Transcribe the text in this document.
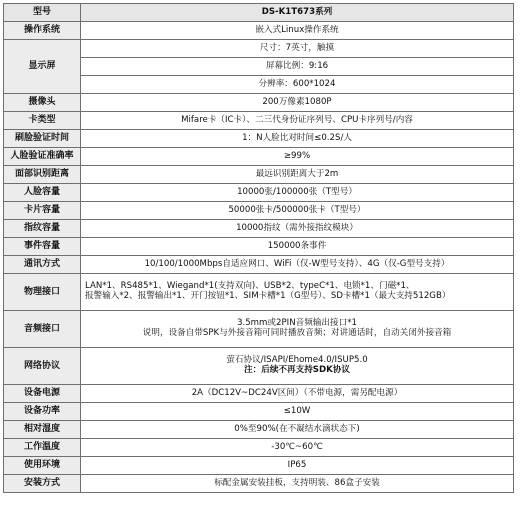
型号	DS-K1T673系列
操作系统	嵌入式Linux操作系统
显示屏	尺寸：7英寸，触摸
	屏幕比例：9:16
	分辨率：600*1024
摄像头	200万像素1080P
卡类型	Mifare卡（IC卡）、二三代身份证序列号、CPU卡序列号/内容
刷脸验证时间	1：N人脸比对时间≤0.2S/人
人脸验证准确率	≥99%
面部识别距离	最远识别距离大于2m
人脸容量	10000张/100000张（T型号）
卡片容量	50000张卡/500000张卡（T型号）
指纹容量	10000指纹（需外接指纹模块）
事件容量	150000条事件
通讯方式	10/100/1000Mbps自适应网口、WiFi（仅-W型号支持）、4G（仅-G型号支持）
物理接口	LAN*1、RS485*1、Wiegand*1(支持双向)、USB*2、typeC*1、电锁*1、门磁*1、
报警输入*2、报警输出*1、开门按钮*1、SIM卡槽*1（G型号）、SD卡槽*1（最大支持512GB）

音频接口	3.5mm或2PIN音频输出接口*1
说明，设备自带SPK与外接音箱可同时播放音频；对讲通话时，自动关闭外接音箱

网络协议	萤石协议/ISAPI/Ehome4.0/ISUP5.0
注：后续不再支持SDK协议

设备电源	2A（DC12V~DC24V区间）（不带电源，需另配电源）
设备功率	≤10W
相对湿度	0%至90%(在不凝结水滴状态下)
工作温度	-30℃~60℃
使用环境	IP65
安装方式	标配金属安装挂板，支持明装、86盒子安装
